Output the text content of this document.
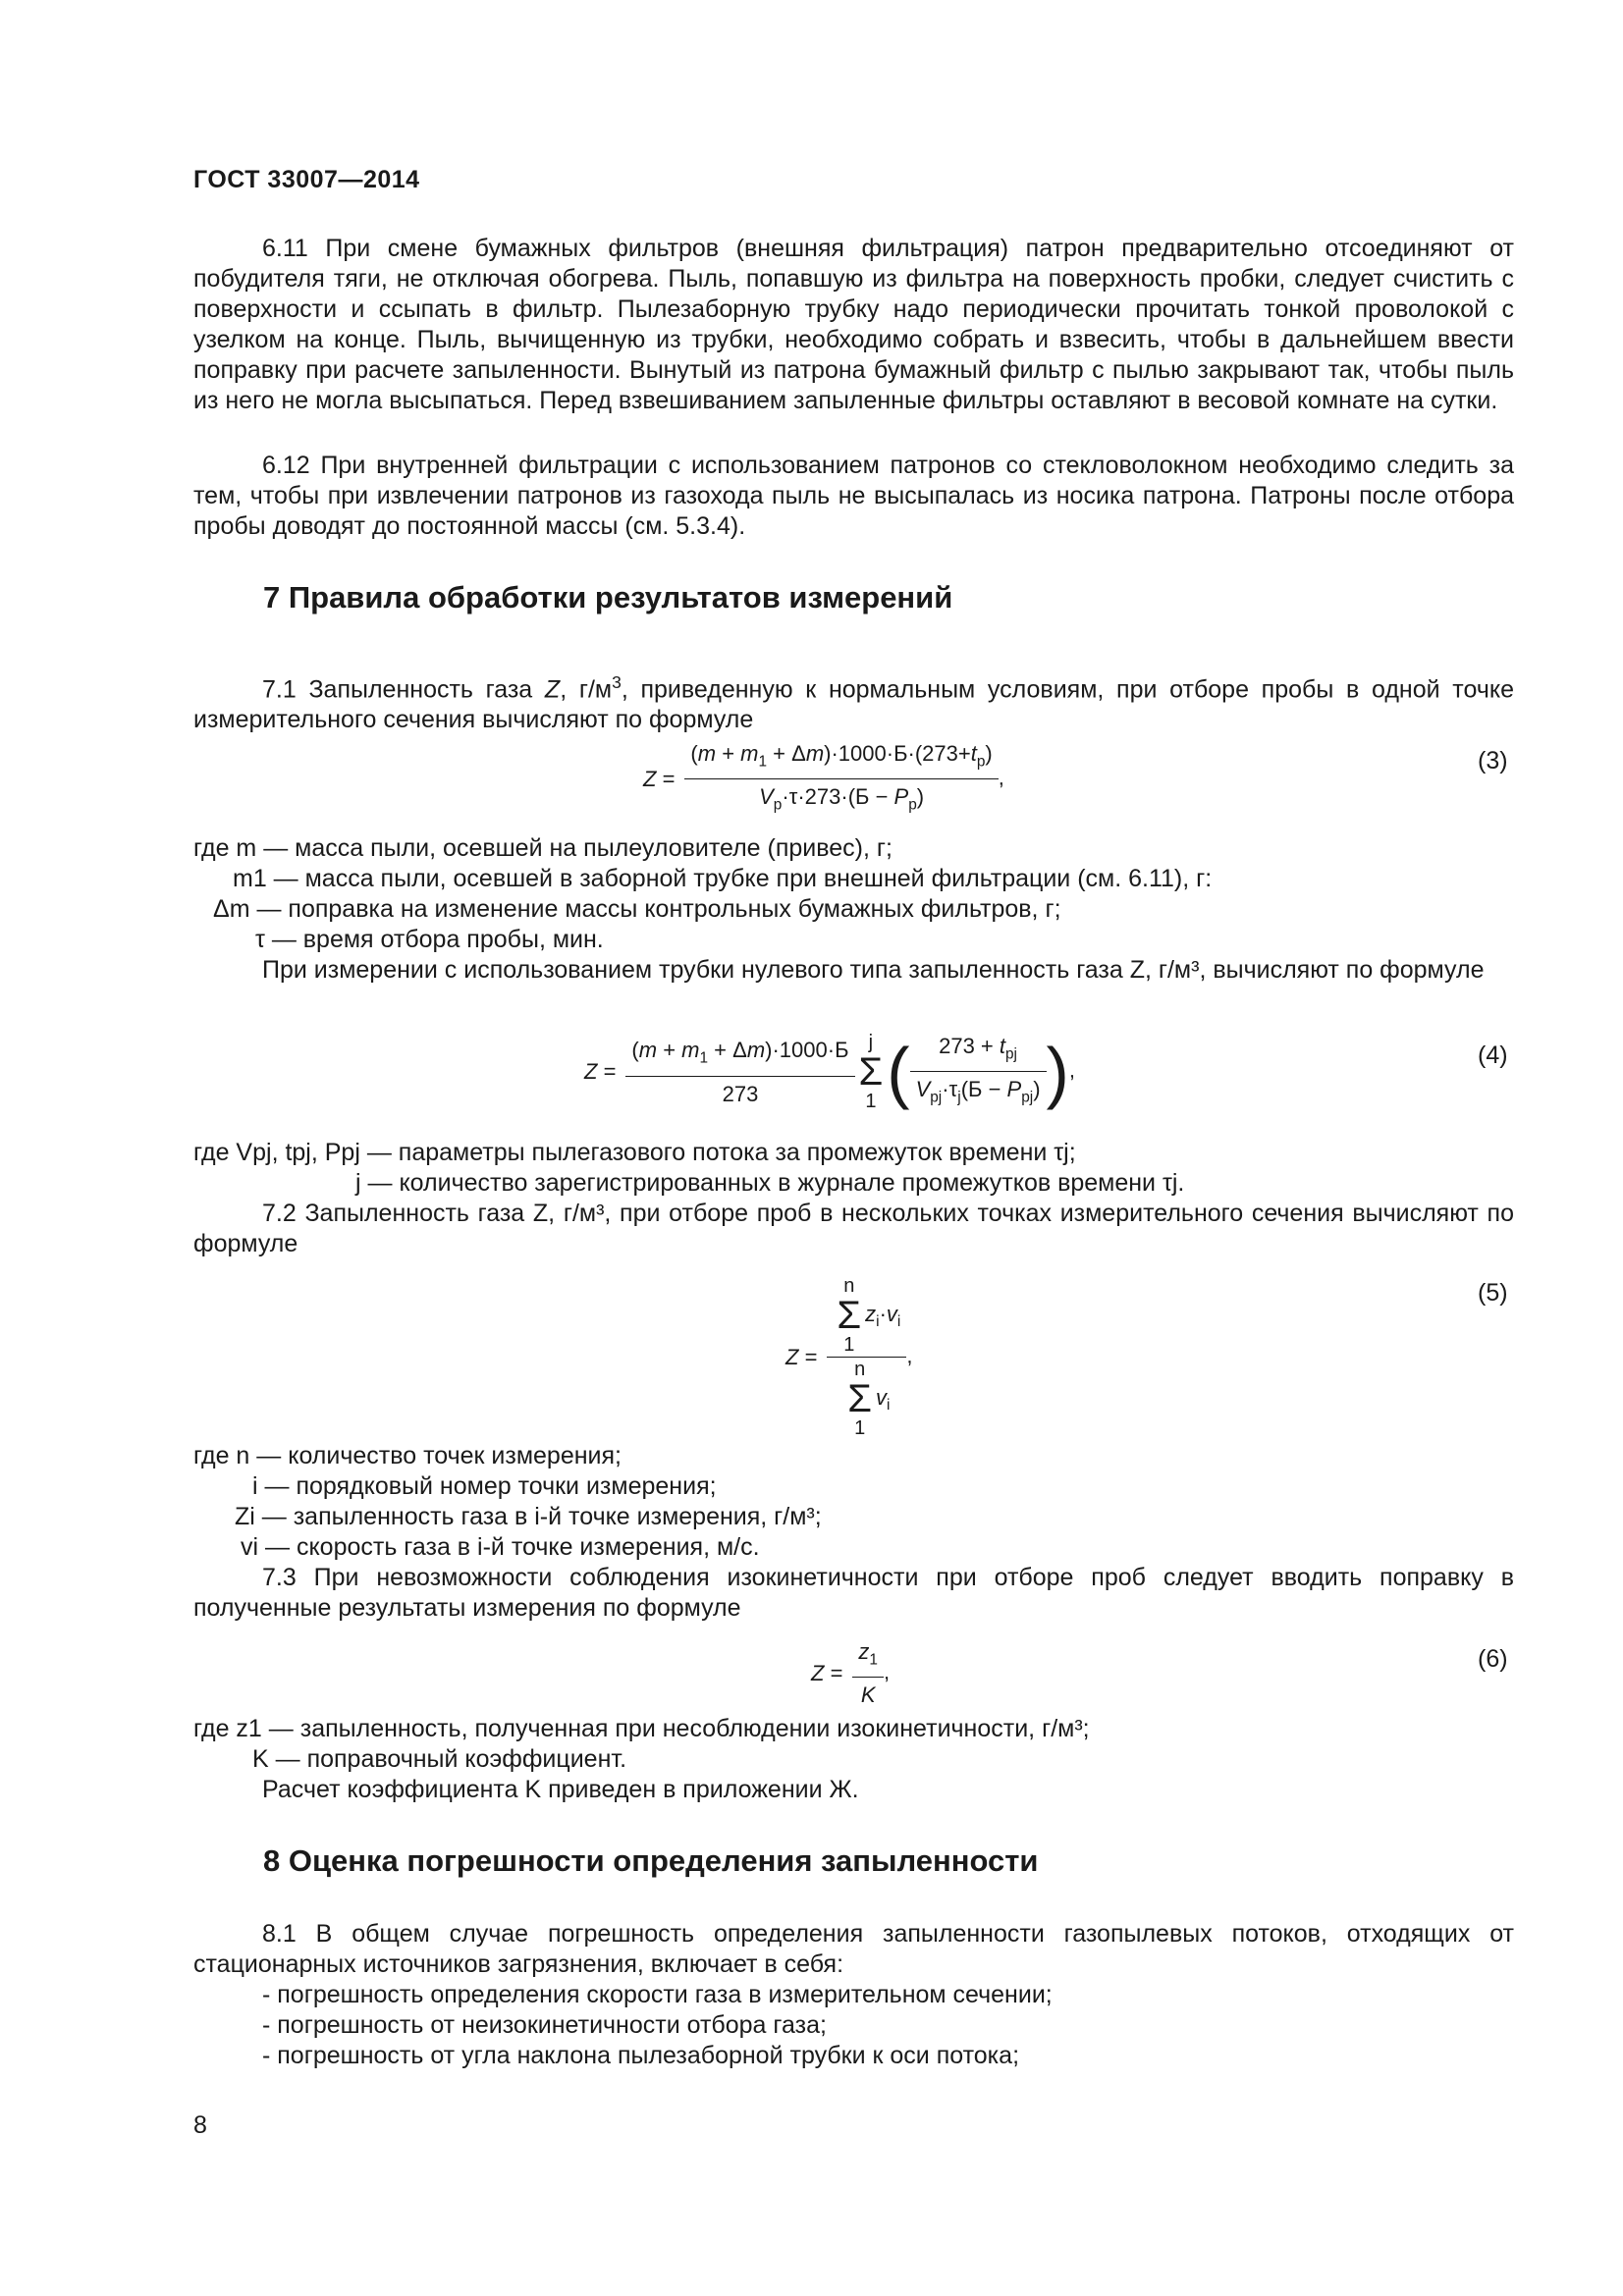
ГОСТ 33007—2014

6.11 При смене бумажных фильтров (внешняя фильтрация) патрон предварительно отсоединяют от побудителя тяги, не отключая обогрева. Пыль, попавшую из фильтра на поверхность пробки, следует счистить с поверхности и ссыпать в фильтр. Пылезаборную трубку надо периодически прочитать тонкой проволокой с узелком на конце. Пыль, вычищенную из трубки, необходимо собрать и взвесить, чтобы в дальнейшем ввести поправку при расчете запыленности. Вынутый из патрона бумажный фильтр с пылью закрывают так, чтобы пыль из него не могла высыпаться. Перед взвешиванием запыленные фильтры оставляют в весовой комнате на сутки.

6.12 При внутренней фильтрации с использованием патронов со стекловолокном необходимо следить за тем, чтобы при извлечении патронов из газохода пыль не высыпалась из носика патрона. Патроны после отбора пробы доводят до постоянной массы (см. 5.3.4).

7 Правила обработки результатов измерений

7.1 Запыленность газа Z, $г/м^3$, приведенную к нормальным условиям, при отборе пробы в одной точке измерительного сечения вычисляют по формуле

$Z = \frac{(m + m_1 + \Delta m)\cdot 1000\cdot Б\cdot(273+t_р)}{V_р\cdot\tau\cdot 273\cdot(Б - P_р)}$ ,
(3)
где m — масса пыли, осевшей на пылеуловителе (привес), г;
m1 — масса пыли, осевшей в заборной трубке при внешней фильтрации (см. 6.11), г:
Δm — поправка на изменение массы контрольных бумажных фильтров, г;
τ — время отбора пробы, мин.

При измерении с использованием трубки нулевого типа запыленность газа Z, г/м³, вычисляют по формуле

$Z = \frac{(m + m_1 + \Delta m)\cdot 1000\cdot Б}{273}$ j
Σ
1 ( $\frac{273 + t_{pj}}{V_{pj}\cdot\tau_j(Б - P_{pj})}$ ),
(4)
где Vpj, tpj, Ppj — параметры пылегазового потока за промежуток времени τj;
j — количество зарегистрированных в журнале промежутков времени τj.

7.2 Запыленность газа Z, г/м³, при отборе проб в нескольких точках измерительного сечения вычисляют по формуле

Z = n
Σ
$1z_i\cdot v_i$
n
Σ
$1v_i$ ,
(5)
где n — количество точек измерения;
i — порядковый номер точки измерения;
Zi — запыленность газа в i-й точке измерения, г/м³;
vi — скорость газа в i-й точке измерения, м/с.

7.3 При невозможности соблюдения изокинетичности при отборе проб следует вводить поправку в полученные результаты измерения по формуле

$Z = \frac{z_1}{K}$ ,	(6)
где z1 — запыленность, полученная при несоблюдении изокинетичности, г/м³;
K — поправочный коэффициент.
Расчет коэффициента K приведен в приложении Ж.
8 Оценка погрешности определения запыленности

8.1 В общем случае погрешность определения запыленности газопылевых потоков, отходящих от стационарных источников загрязнения, включает в себя:

- погрешность определения скорости газа в измерительном сечении;
- погрешность от неизокинетичности отбора газа;
- погрешность от угла наклона пылезаборной трубки к оси потока;
8
